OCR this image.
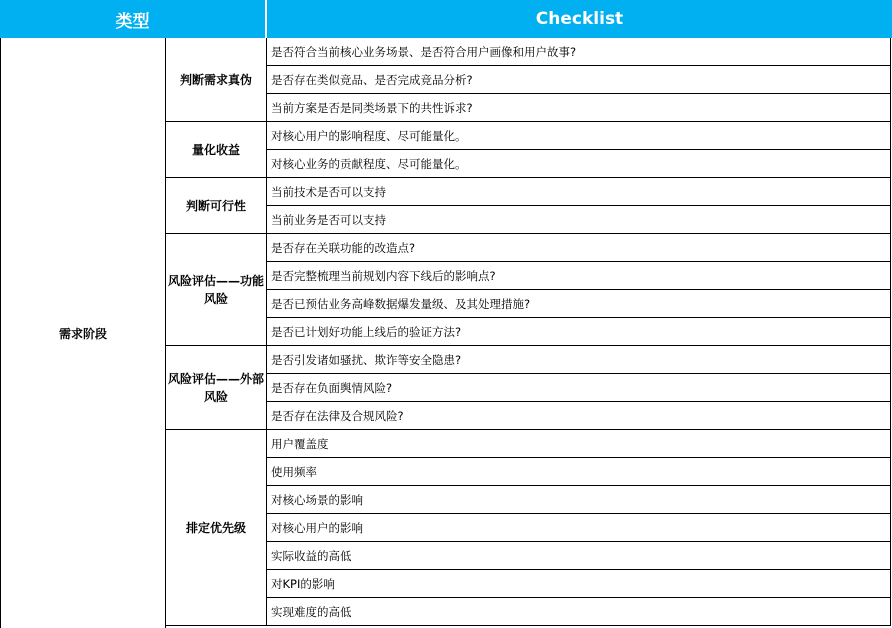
类型	Checklist
需求阶段
判断需求真伪
量化收益
判断可行性
风险评估——功能风险
风险评估——外部风险
排定优先级
是否符合当前核心业务场景、是否符合用户画像和用户故事?
是否存在类似竞品、是否完成竞品分析?
当前方案是否是同类场景下的共性诉求?
对核心用户的影响程度、尽可能量化。
对核心业务的贡献程度、尽可能量化。
当前技术是否可以支持
当前业务是否可以支持
是否存在关联功能的改造点?
是否完整梳理当前规划内容下线后的影响点?
是否已预估业务高峰数据爆发量级、及其处理措施?
是否已计划好功能上线后的验证方法?
是否引发诸如骚扰、欺诈等安全隐患?
是否存在负面舆情风险?
是否存在法律及合规风险?
用户覆盖度
使用频率
对核心场景的影响
对核心用户的影响
实际收益的高低
对KPI的影响
实现难度的高低
